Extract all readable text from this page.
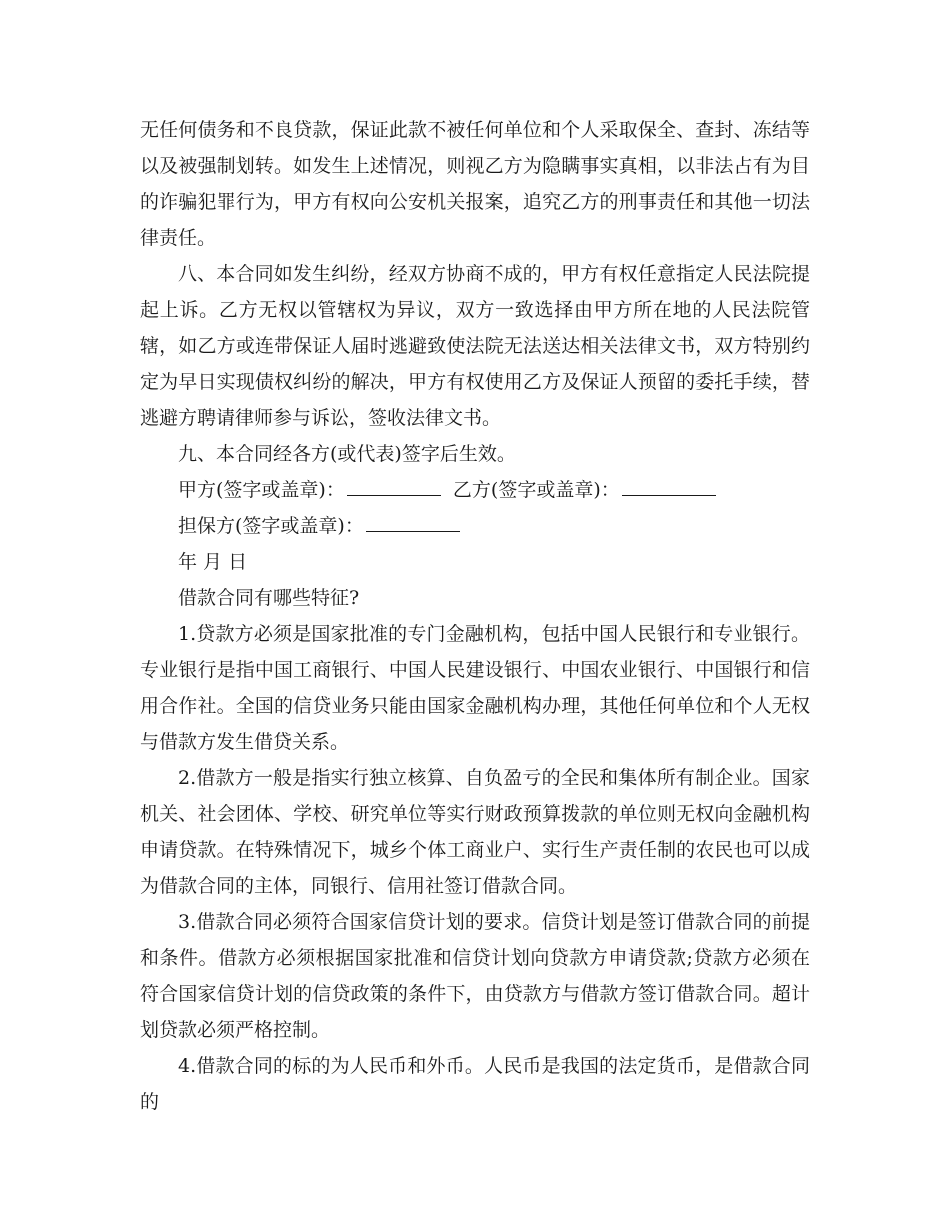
无任何债务和不良贷款，保证此款不被任何单位和个人采取保全、查封、冻结等以及被强制划转。如发生上述情况，则视乙方为隐瞒事实真相，以非法占有为目的诈骗犯罪行为，甲方有权向公安机关报案，追究乙方的刑事责任和其他一切法律责任。

八、本合同如发生纠纷，经双方协商不成的，甲方有权任意指定人民法院提起上诉。乙方无权以管辖权为异议，双方一致选择由甲方所在地的人民法院管辖，如乙方或连带保证人届时逃避致使法院无法送达相关法律文书，双方特别约定为早日实现债权纠纷的解决，甲方有权使用乙方及保证人预留的委托手续，替逃避方聘请律师参与诉讼，签收法律文书。

九、本合同经各方(或代表)签字后生效。

甲方(签字或盖章)：	乙方(签字或盖章)：

担保方(签字或盖章)：

年 月 日

借款合同有哪些特征?

1.贷款方必须是国家批准的专门金融机构，包括中国人民银行和专业银行。专业银行是指中国工商银行、中国人民建设银行、中国农业银行、中国银行和信用合作社。全国的信贷业务只能由国家金融机构办理，其他任何单位和个人无权与借款方发生借贷关系。

2.借款方一般是指实行独立核算、自负盈亏的全民和集体所有制企业。国家机关、社会团体、学校、研究单位等实行财政预算拨款的单位则无权向金融机构申请贷款。在特殊情况下，城乡个体工商业户、实行生产责任制的农民也可以成为借款合同的主体，同银行、信用社签订借款合同。

3.借款合同必须符合国家信贷计划的要求。信贷计划是签订借款合同的前提和条件。借款方必须根据国家批准和信贷计划向贷款方申请贷款;贷款方必须在符合国家信贷计划的信贷政策的条件下，由贷款方与借款方签订借款合同。超计划贷款必须严格控制。

4.借款合同的标的为人民币和外币。人民币是我国的法定货币，是借款合同的
